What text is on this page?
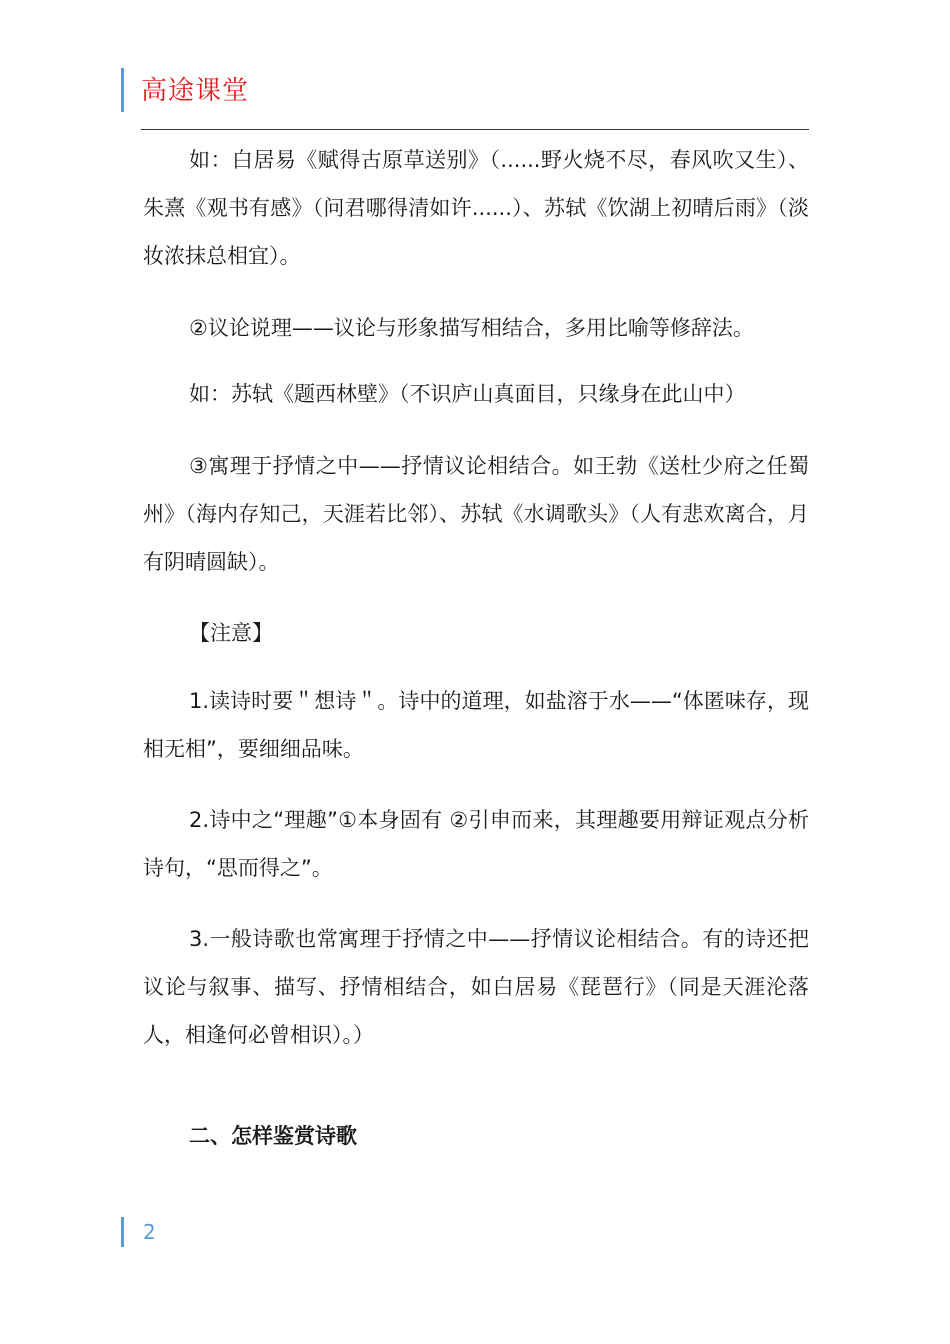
高途课堂

如：白居易《赋得古原草送别》（......野火烧不尽，春风吹又生）、朱熹《观书有感》（问君哪得清如许......）、苏轼《饮湖上初晴后雨》（淡妆浓抹总相宜）。

②议论说理——议论与形象描写相结合，多用比喻等修辞法。

如：苏轼《题西林壁》（不识庐山真面目，只缘身在此山中）

③寓理于抒情之中——抒情议论相结合。如王勃《送杜少府之任蜀州》（海内存知己，天涯若比邻）、苏轼《水调歌头》（人有悲欢离合，月有阴晴圆缺）。

【注意】

1.读诗时要＂想诗＂。诗中的道理，如盐溶于水——“体匿味存，现相无相”，要细细品味。

2.诗中之“理趣”①本身固有 ②引申而来，其理趣要用辩证观点分析诗句，“思而得之”。

3.一般诗歌也常寓理于抒情之中——抒情议论相结合。有的诗还把议论与叙事、描写、抒情相结合，如白居易《琵琶行》（同是天涯沦落人，相逢何必曾相识）。）

二、怎样鉴赏诗歌

2
